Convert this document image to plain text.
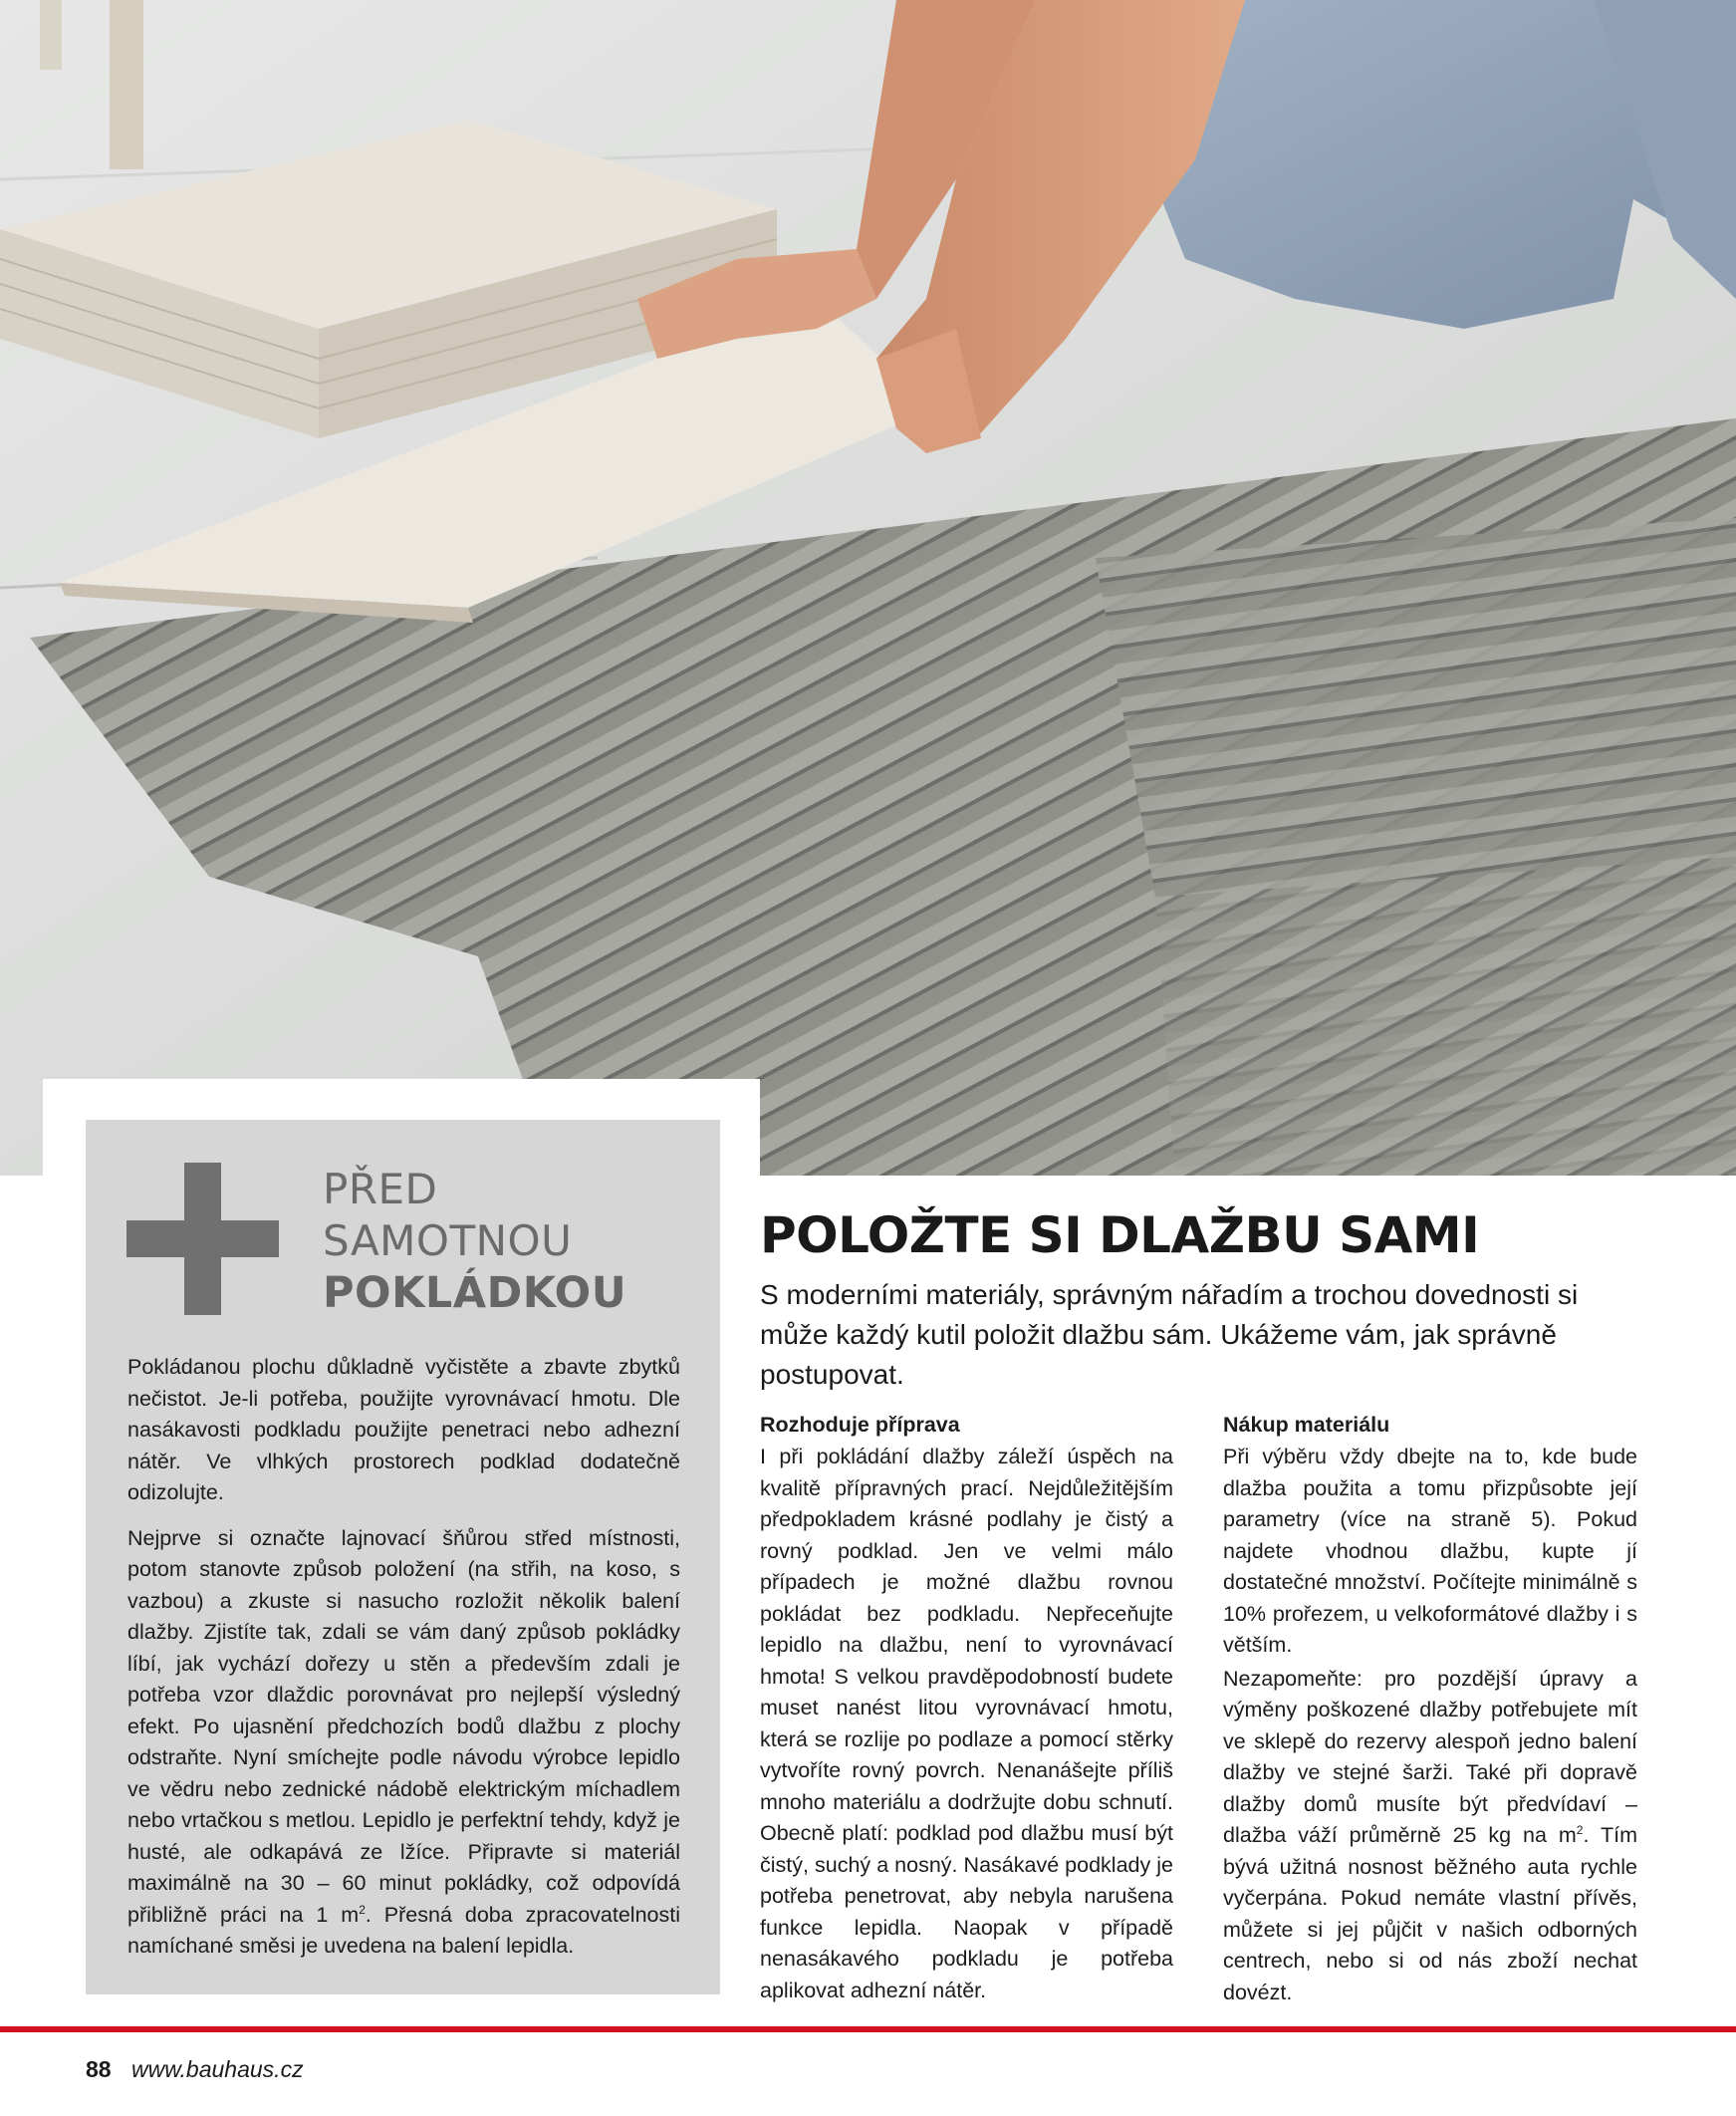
PŘED
SAMOTNOU
POKLÁDKOU

Pokládanou plochu důkladně vyčistěte a zbavte zbytků nečistot. Je-li potřeba, použijte vyrovnávací hmotu. Dle nasákavosti podkladu použijte penetraci nebo adhezní nátěr. Ve vlhkých prostorech podklad dodatečně odizolujte.

Nejprve si označte lajnovací šňůrou střed místnosti, potom stanovte způsob položení (na střih, na koso, s vazbou) a zkuste si nasucho rozložit několik balení dlažby. Zjistíte tak, zdali se vám daný způsob pokládky líbí, jak vychází dořezy u stěn a především zdali je potřeba vzor dlaždic porovnávat pro nejlepší výsledný efekt. Po ujasnění předchozích bodů dlažbu z plochy odstraňte. Nyní smíchejte podle návodu výrobce lepidlo ve vědru nebo zednické nádobě elektrickým míchadlem nebo vrtačkou s metlou. Lepidlo je perfektní tehdy, když je husté, ale odkapává ze lžíce. Připravte si materiál maximálně na 30 – 60 minut pokládky, což odpovídá přibližně práci na 1 $m^2$. Přesná doba zpracovatelnosti namíchané směsi je uvedena na balení lepidla.

POLOŽTE SI DLAŽBU SAMI
S moderními materiály, správným nářadím a trochou dovednosti si může každý kutil položit dlažbu sám. Ukážeme vám, jak správně postupovat.
Rozhoduje příprava

I při pokládání dlažby záleží úspěch na kvalitě přípravných prací. Nejdůležitějším předpokladem krásné podlahy je čistý a rovný podklad. Jen ve velmi málo případech je možné dlažbu rovnou pokládat bez podkladu. Nepřeceňujte lepidlo na dlažbu, není to vyrovnávací hmota! S velkou pravděpodobností budete muset nanést litou vyrovnávací hmotu, která se rozlije po podlaze a pomocí stěrky vytvoříte rovný povrch. Nenanášejte příliš mnoho materiálu a dodržujte dobu schnutí. Obecně platí: podklad pod dlažbu musí být čistý, suchý a nosný. Nasákavé podklady je potřeba penetrovat, aby nebyla narušena funkce lepidla. Naopak v případě nenasákavého podkladu je potřeba aplikovat adhezní nátěr.

Nákup materiálu

Při výběru vždy dbejte na to, kde bude dlažba použita a tomu přizpůsobte její parametry (více na straně 5). Pokud najdete vhodnou dlažbu, kupte jí dostatečné množství. Počítejte minimálně s 10% prořezem, u velkoformátové dlažby i s větším.

Nezapomeňte: pro pozdější úpravy a výměny poškozené dlažby potřebujete mít ve sklepě do rezervy alespoň jedno balení dlažby ve stejné šarži. Také při dopravě dlažby domů musíte být předvídaví – dlažba váží průměrně 25 kg na $m^2$. Tím bývá užitná nosnost běžného auta rychle vyčerpána. Pokud nemáte vlastní přívěs, můžete si jej půjčit v našich odborných centrech, nebo si od nás zboží nechat dovézt.

88 www.bauhaus.cz
